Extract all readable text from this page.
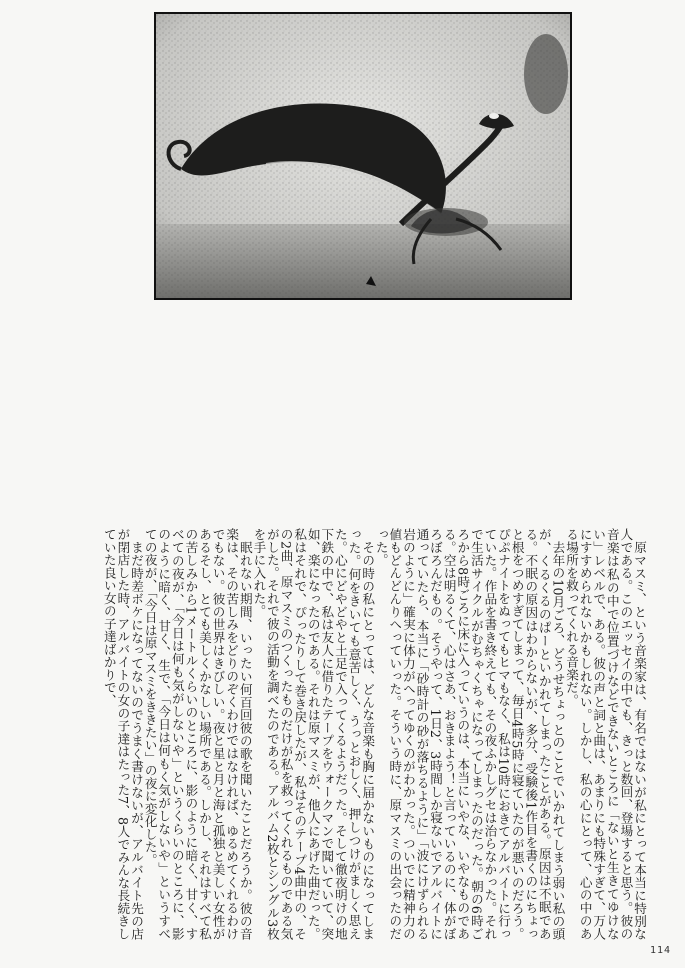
原マスミ、という音楽家は、有名ではないが私にとって本当に特別な人である。このエッセイの中でも、きっと数回、登場すると思う。彼の音楽は私の中で位置づけなどできないところに「ないと生きてゆけない」レベルで、ある。彼の声と詞と曲は、あまりにも特殊すぎて、万人にすすめられないかもしれない。しかし、私の心にとって、心の中のある場所を救ってくれる音楽だ。

去年の10月ごろ、どうせちょっとのことでいかれてしまう弱い私の頭が、くるくるのぱーといかれてしまったことがある。原因は不眠である。不眠の原因はわからないが、多分、受験後1作目を書くのにちょっと根をつめすぎてしまって、毎日4時5時に寝ていたのが悪いのだろう。ぴぷナイトをぬってもヒマもなく、私は10時におきてアルバイトに行っていた。作品を書き終えても、その夜ふかしグセは治らなかった。それで生活サイクルがむちゃくちゃになってしまったのだった。朝の6時ごろから8時ごろに床に入っていうのは、本当にいやな、いやなものである。空は明るくて、心はさあ、おきまよう！と言っているのに、体がぼろぼろんだもの。そうやって、1日2、3時間しか寝ないでアルバイトに通っていたら、本当に「砂時計の砂が落ちるように」「波にけずられる岩のように」確実に体力がへってゆくのがわかった。ついでに精神力の値もどんどんりへっていった。そういう時に、原マスミの出会ったのだった。

その時の私にとっては、どんな音楽も胸に届かないものになってしまった。何をきいても意苦しく、うっとおしく、押しつけがましく思えた。心にどやどやと土足で入ってくるようだった。そして徹夜明けの地下鉄の中で、私は友人に借りたテープをウォークマンで聞いていて、突如、楽になったのである。それは原マスミが、他人にあげた曲だった。私はそれで、ぴったりして巻き戻したが、私はそのテープ4曲中の、その2曲、原マスミのつくったものだけが私を救ってくれるものである気がした。それで彼の活動を調べたのである。アルバム2枚とシングル3枚を手に入れた。

眠れない期間、いったい何百回彼の歌を聞いたことだろうか。彼の音楽は、その苦しみをどりのぞくわけではなければ、ゆるめてくれるわけでもない。彼の世界はきびしい。夜と星と月と海と孤独と美しい女性があるそし、とても美しくかなしい場所である。しかし、それはすべて私の苦しみから1メートルくらいのところに、影のように暗く、甘く、すべての夜が、「今日は何も気がしないや」というくらいのところに、影のように暗く、甘く、生で、「今日は何もく気がしないや」というすべての夜が、「今日は原マスミをききたい」の夜に変化した。

まだ時差ボケになってないのでうまく書けないが、アルバイト先の店が閉店した時、アルバイトの女の子達はたった7、8人でみんな長続きしていた良い女の子達ばかりで、

114
